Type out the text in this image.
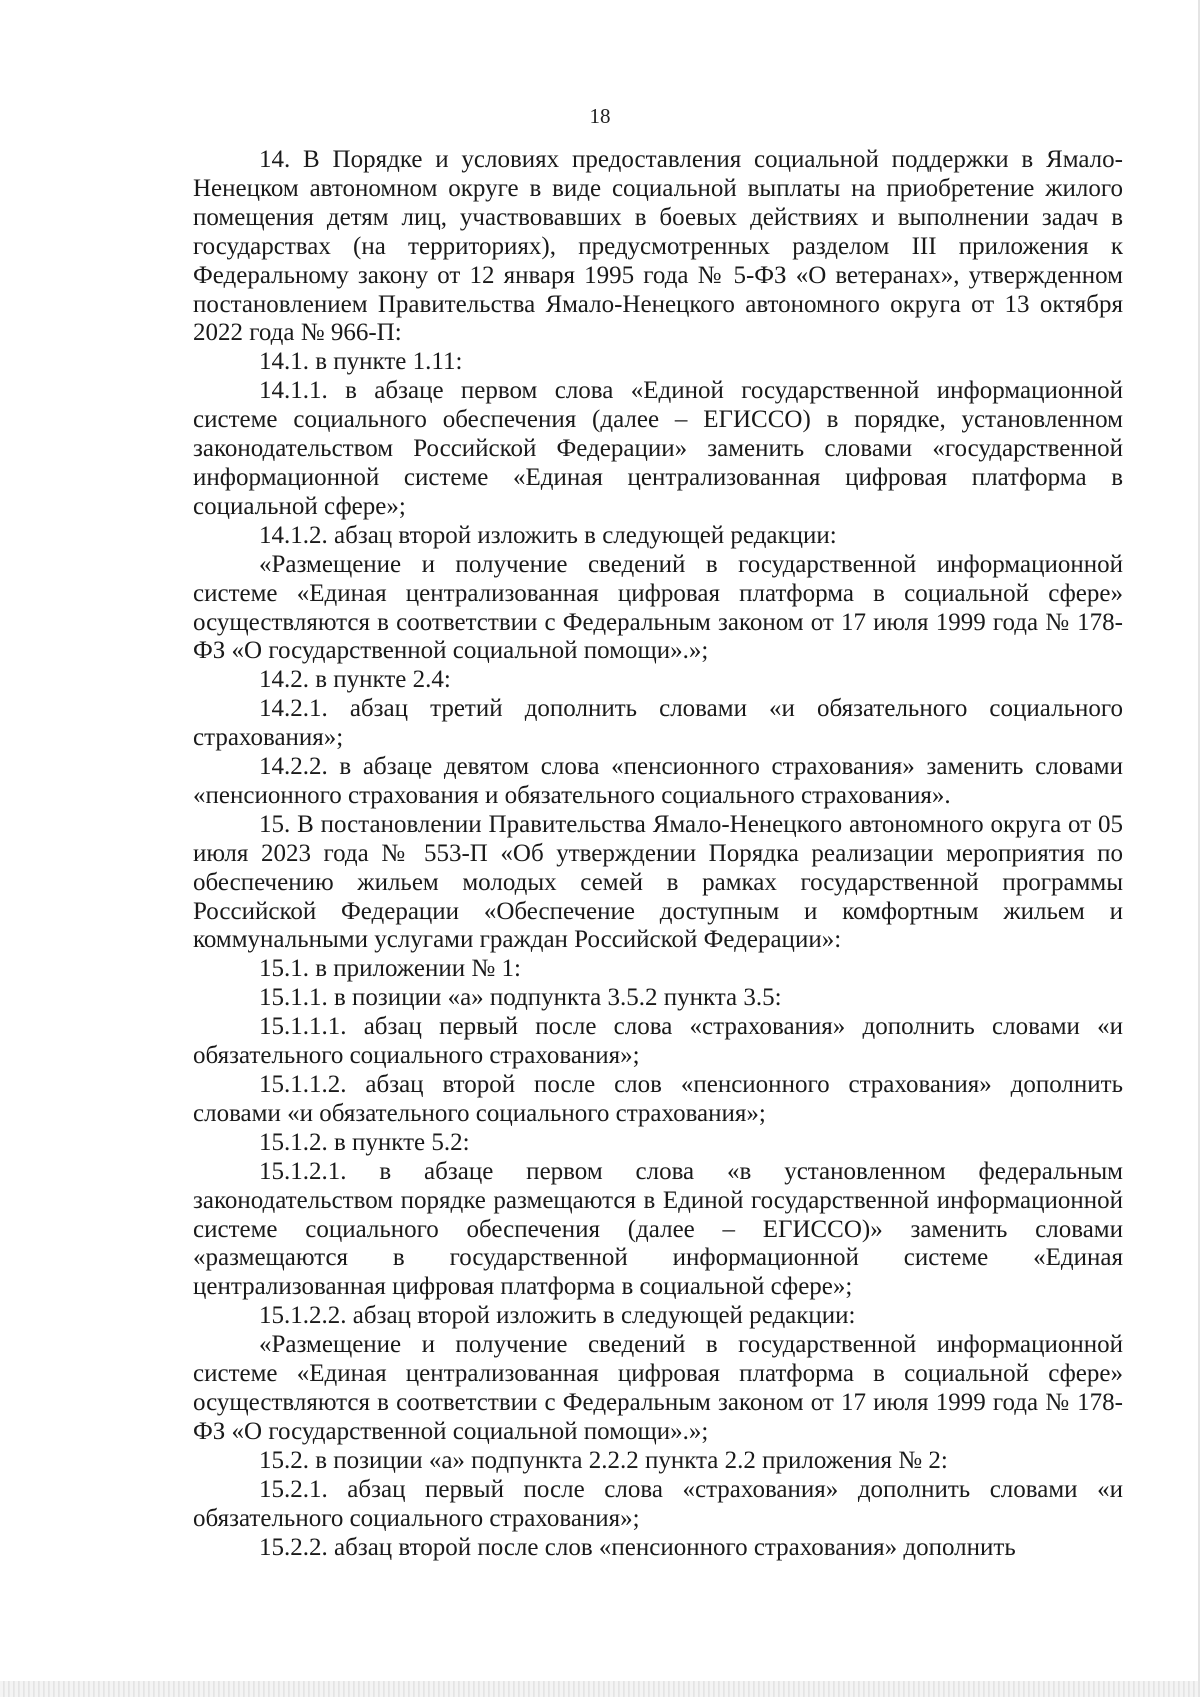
18

14. В Порядке и условиях предоставления социальной поддержки в Ямало-Ненецком автономном округе в виде социальной выплаты на приобретение жилого помещения детям лиц, участвовавших в боевых действиях и выполнении задач в государствах (на территориях), предусмотренных разделом III приложения к Федеральному закону от 12 января 1995 года № 5-ФЗ «О ветеранах», утвержденном постановлением Правительства Ямало-Ненецкого автономного округа от 13 октября 2022 года № 966-П:

14.1. в пункте 1.11:

14.1.1. в абзаце первом слова «Единой государственной информационной системе социального обеспечения (далее – ЕГИССО) в порядке, установленном законодательством Российской Федерации» заменить словами «государственной информационной системе «Единая централизованная цифровая платформа в социальной сфере»;

14.1.2. абзац второй изложить в следующей редакции:

«Размещение и получение сведений в государственной информационной системе «Единая централизованная цифровая платформа в социальной сфере» осуществляются в соответствии с Федеральным законом от 17 июля 1999 года № 178-ФЗ «О государственной социальной помощи».»;

14.2. в пункте 2.4:

14.2.1. абзац третий дополнить словами «и обязательного социального страхования»;

14.2.2. в абзаце девятом слова «пенсионного страхования» заменить словами «пенсионного страхования и обязательного социального страхования».

15. В постановлении Правительства Ямало-Ненецкого автономного округа от 05 июля 2023 года № 553-П «Об утверждении Порядка реализации мероприятия по обеспечению жильем молодых семей в рамках государственной программы Российской Федерации «Обеспечение доступным и комфортным жильем и коммунальными услугами граждан Российской Федерации»:

15.1. в приложении № 1:

15.1.1. в позиции «а» подпункта 3.5.2 пункта 3.5:

15.1.1.1. абзац первый после слова «страхования» дополнить словами «и обязательного социального страхования»;

15.1.1.2. абзац второй после слов «пенсионного страхования» дополнить словами «и обязательного социального страхования»;

15.1.2. в пункте 5.2:

15.1.2.1. в абзаце первом слова «в установленном федеральным законодательством порядке размещаются в Единой государственной информационной системе социального обеспечения (далее – ЕГИССО)» заменить словами «размещаются в государственной информационной системе «Единая централизованная цифровая платформа в социальной сфере»;

15.1.2.2. абзац второй изложить в следующей редакции:

«Размещение и получение сведений в государственной информационной системе «Единая централизованная цифровая платформа в социальной сфере» осуществляются в соответствии с Федеральным законом от 17 июля 1999 года № 178-ФЗ «О государственной социальной помощи».»;

15.2. в позиции «а» подпункта 2.2.2 пункта 2.2 приложения № 2:

15.2.1. абзац первый после слова «страхования» дополнить словами «и обязательного социального страхования»;

15.2.2. абзац второй после слов «пенсионного страхования» дополнить
